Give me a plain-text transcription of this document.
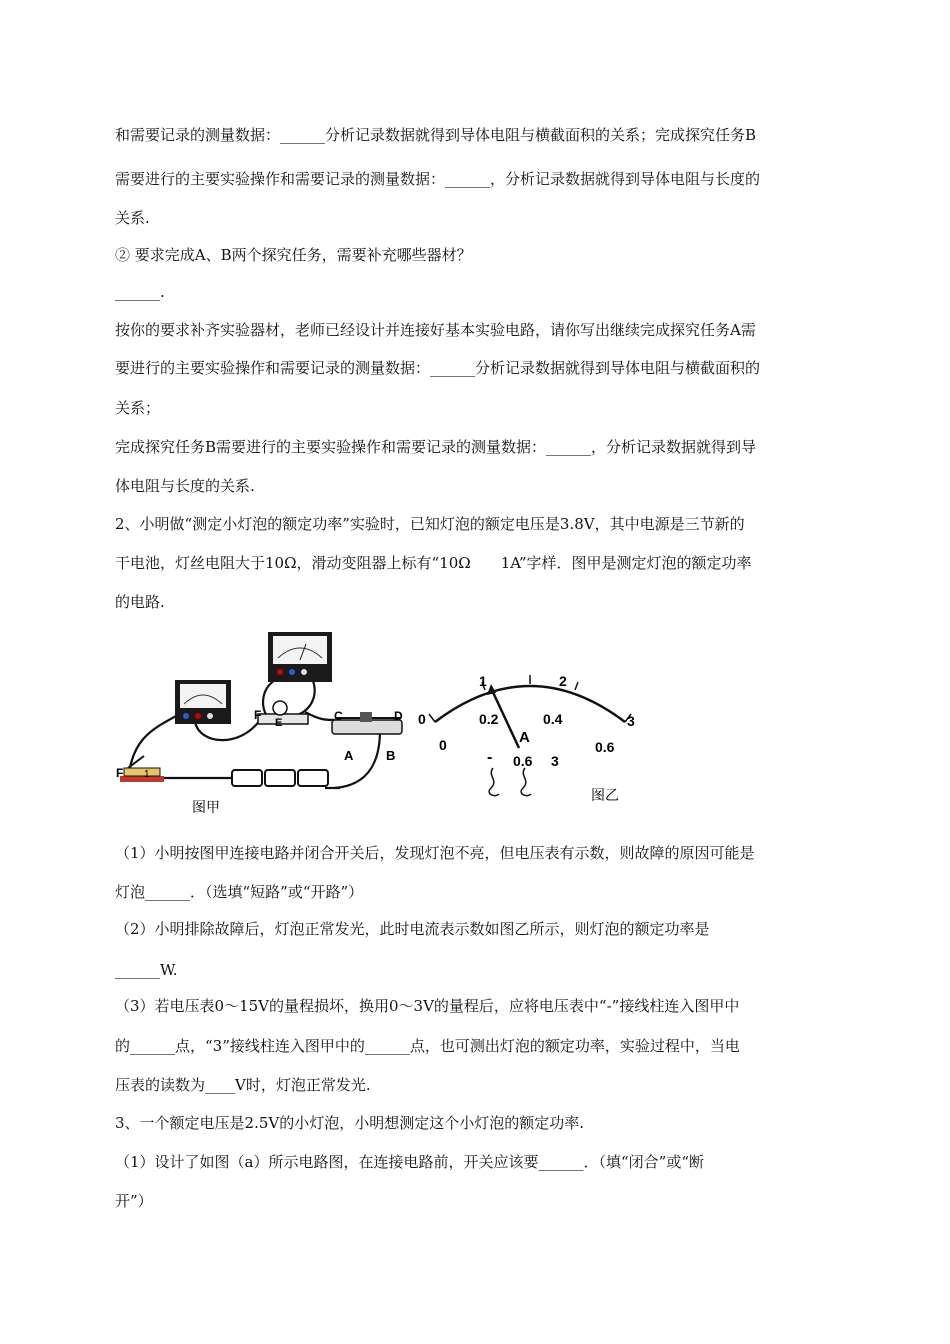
和需要记录的测量数据：______分析记录数据就得到导体电阻与横截面积的关系；完成探究任务B
需要进行的主要实验操作和需要记录的测量数据：______，分析记录数据就得到导体电阻与长度的
关系.
② 要求完成A、B两个探究任务，需要补充哪些器材？
______.
按你的要求补齐实验器材，老师已经设计并连接好基本实验电路，请你写出继续完成探究任务A需
要进行的主要实验操作和需要记录的测量数据：______分析记录数据就得到导体电阻与横截面积的
关系；
完成探究任务B需要进行的主要实验操作和需要记录的测量数据：______，分析记录数据就得到导
体电阻与长度的关系.
2、小明做“测定小灯泡的额定功率”实验时，已知灯泡的额定电压是3.8V，其中电源是三节新的
干电池，灯丝电阻大于10Ω，滑动变阻器上标有“10Ω　　1A”字样．图甲是测定灯泡的额定功率
的电路.
F
E	C	D
A	B
F 1
图甲
0
1	2
3
0
0.2	0.4
0.6
A
- 0.6 3
图乙
（1）小明按图甲连接电路并闭合开关后，发现灯泡不亮，但电压表有示数，则故障的原因可能是
灯泡______．（选填“短路”或“开路”）
（2）小明排除故障后，灯泡正常发光，此时电流表示数如图乙所示，则灯泡的额定功率是
______W.
（3）若电压表0～15V的量程损坏，换用0～3V的量程后，应将电压表中“-”接线柱连入图甲中
的______点，“3”接线柱连入图甲中的______点，也可测出灯泡的额定功率，实验过程中，当电
压表的读数为____V时，灯泡正常发光.
3、一个额定电压是2.5V的小灯泡，小明想测定这个小灯泡的额定功率.
（1）设计了如图（a）所示电路图，在连接电路前，开关应该要______．（填“闭合”或“断
开”）
